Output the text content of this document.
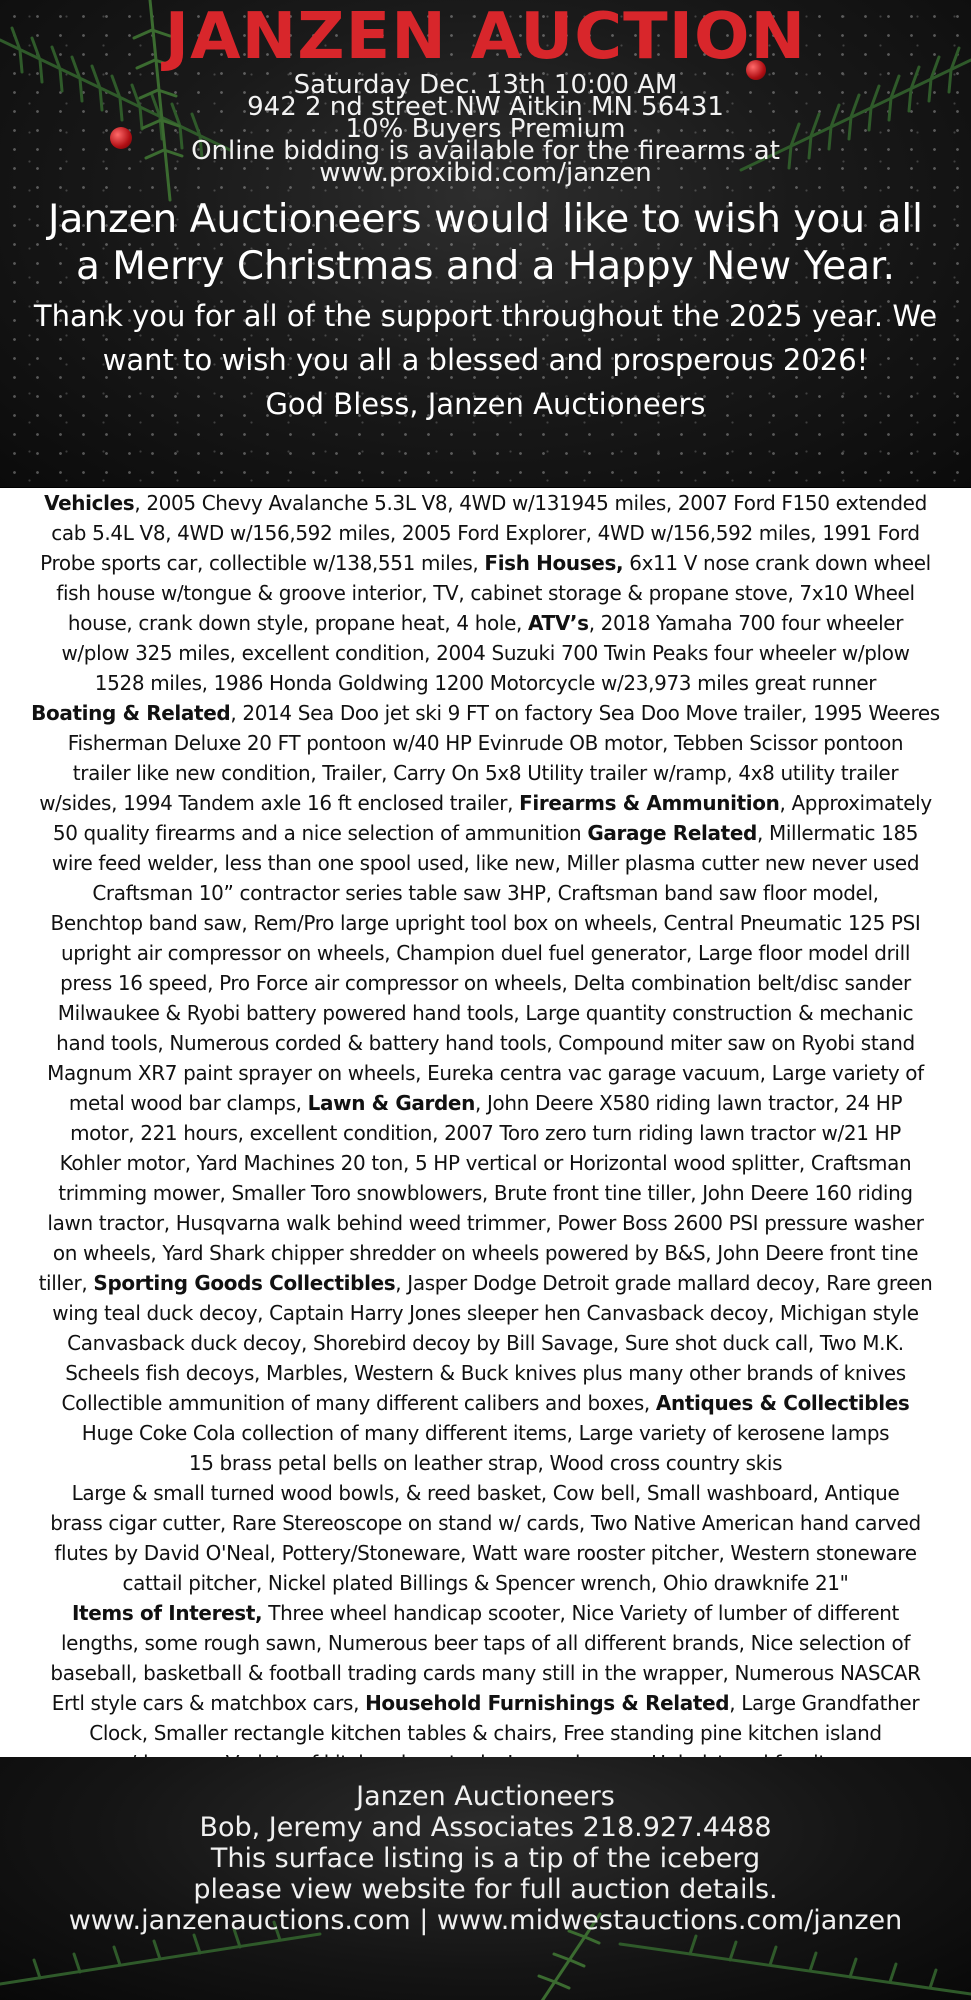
JANZEN AUCTION
Saturday Dec. 13th 10:00 AM
942 2 nd street NW Aitkin MN 56431
10% Buyers Premium
Online bidding is available for the firearms at
www.proxibid.com/janzen
Janzen Auctioneers would like to wish you all
a Merry Christmas and a Happy New Year.
Thank you for all of the support throughout the 2025 year. We
want to wish you all a blessed and prosperous 2026!
God Bless, Janzen Auctioneers

Vehicles, 2005 Chevy Avalanche 5.3L V8, 4WD w/131945 miles, 2007 Ford F150 extended

cab 5.4L V8, 4WD w/156,592 miles, 2005 Ford Explorer, 4WD w/156,592 miles, 1991 Ford

Probe sports car, collectible w/138,551 miles, Fish Houses, 6x11 V nose crank down wheel

fish house w/tongue & groove interior, TV, cabinet storage & propane stove, 7x10 Wheel

house, crank down style, propane heat, 4 hole, ATV’s, 2018 Yamaha 700 four wheeler

w/plow 325 miles, excellent condition, 2004 Suzuki 700 Twin Peaks four wheeler w/plow

1528 miles, 1986 Honda Goldwing 1200 Motorcycle w/23,973 miles great runner

Boating & Related, 2014 Sea Doo jet ski 9 FT on factory Sea Doo Move trailer, 1995 Weeres

Fisherman Deluxe 20 FT pontoon w/40 HP Evinrude OB motor, Tebben Scissor pontoon

trailer like new condition, Trailer, Carry On 5x8 Utility trailer w/ramp, 4x8 utility trailer

w/sides, 1994 Tandem axle 16 ft enclosed trailer, Firearms & Ammunition, Approximately

50 quality firearms and a nice selection of ammunition Garage Related, Millermatic 185

wire feed welder, less than one spool used, like new, Miller plasma cutter new never used

Craftsman 10” contractor series table saw 3HP, Craftsman band saw floor model,

Benchtop band saw, Rem/Pro large upright tool box on wheels, Central Pneumatic 125 PSI

upright air compressor on wheels, Champion duel fuel generator, Large floor model drill

press 16 speed, Pro Force air compressor on wheels, Delta combination belt/disc sander

Milwaukee & Ryobi battery powered hand tools, Large quantity construction & mechanic

hand tools, Numerous corded & battery hand tools, Compound miter saw on Ryobi stand

Magnum XR7 paint sprayer on wheels, Eureka centra vac garage vacuum, Large variety of

metal wood bar clamps, Lawn & Garden, John Deere X580 riding lawn tractor, 24 HP

motor, 221 hours, excellent condition, 2007 Toro zero turn riding lawn tractor w/21 HP

Kohler motor, Yard Machines 20 ton, 5 HP vertical or Horizontal wood splitter, Craftsman

trimming mower, Smaller Toro snowblowers, Brute front tine tiller, John Deere 160 riding

lawn tractor, Husqvarna walk behind weed trimmer, Power Boss 2600 PSI pressure washer

on wheels, Yard Shark chipper shredder on wheels powered by B&S, John Deere front tine

tiller, Sporting Goods Collectibles, Jasper Dodge Detroit grade mallard decoy, Rare green

wing teal duck decoy, Captain Harry Jones sleeper hen Canvasback decoy, Michigan style

Canvasback duck decoy, Shorebird decoy by Bill Savage, Sure shot duck call, Two M.K.

Scheels fish decoys, Marbles, Western & Buck knives plus many other brands of knives

Collectible ammunition of many different calibers and boxes, Antiques & Collectibles

Huge Coke Cola collection of many different items, Large variety of kerosene lamps

15 brass petal bells on leather strap, Wood cross country skis

Large & small turned wood bowls, & reed basket, Cow bell, Small washboard, Antique

brass cigar cutter, Rare Stereoscope on stand w/ cards, Two Native American hand carved

flutes by David O'Neal, Pottery/Stoneware, Watt ware rooster pitcher, Western stoneware

cattail pitcher, Nickel plated Billings & Spencer wrench, Ohio drawknife 21"

Items of Interest, Three wheel handicap scooter, Nice Variety of lumber of different

lengths, some rough sawn, Numerous beer taps of all different brands, Nice selection of

baseball, basketball & football trading cards many still in the wrapper, Numerous NASCAR

Ertl style cars & matchbox cars, Household Furnishings & Related, Large Grandfather

Clock, Smaller rectangle kitchen tables & chairs, Free standing pine kitchen island

Janzen Auctioneers
Bob, Jeremy and Associates 218.927.4488
This surface listing is a tip of the iceberg
please view website for full auction details.
www.janzenauctions.com | www.midwestauctions.com/janzen
